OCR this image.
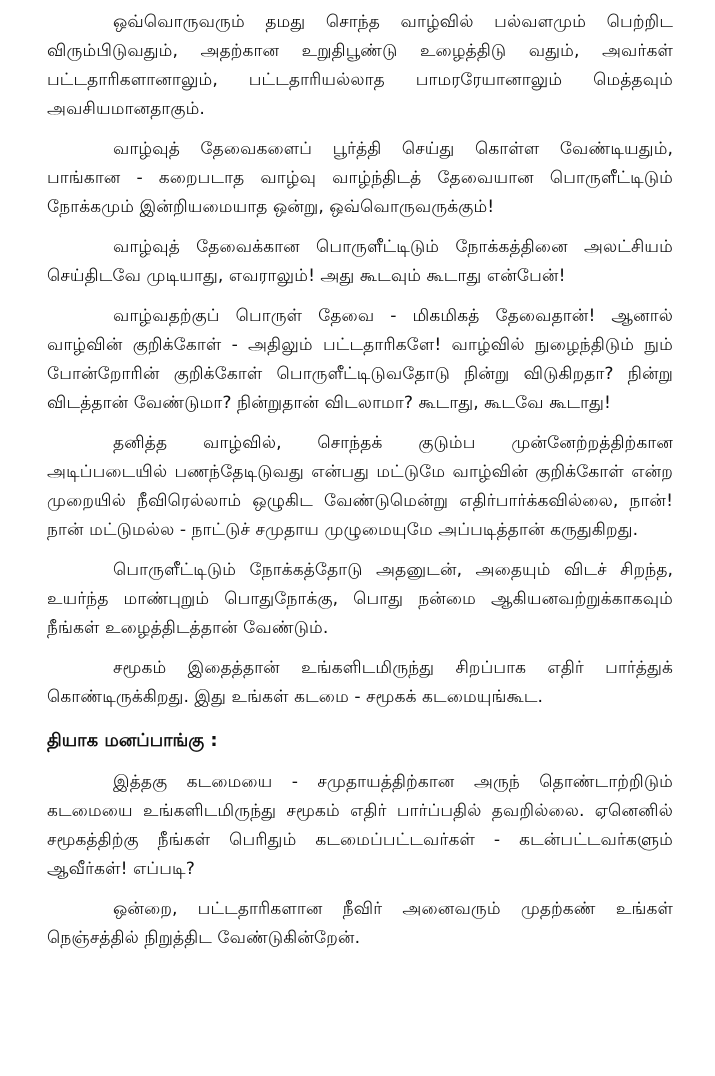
ஒவ்வொருவரும் தமது சொந்த வாழ்வில் பல்வளமும் பெற்றிட விரும்பிடுவதும், அதற்கான உறுதிபூண்டு உழைத்திடு வதும், அவர்கள் பட்டதாரிகளானாலும், பட்டதாரியல்லாத பாமரரேயானாலும் மெத்தவும் அவசியமானதாகும்.

வாழ்வுத் தேவைகளைப் பூர்த்தி செய்து கொள்ள வேண்டியதும், பாங்கான - கறைபடாத வாழ்வு வாழ்ந்திடத் தேவையான பொருளீட்டிடும் நோக்கமும் இன்றியமையாத ஒன்று, ஒவ்வொருவருக்கும்!

வாழ்வுத் தேவைக்கான பொருளீட்டிடும் நோக்கத்தினை அலட்சியம் செய்திடவே முடியாது, எவராலும்! அது கூடவும் கூடாது என்பேன்!

வாழ்வதற்குப் பொருள் தேவை - மிகமிகத் தேவைதான்! ஆனால் வாழ்வின் குறிக்கோள் - அதிலும் பட்டதாரிகளே! வாழ்வில் நுழைந்திடும் நும் போன்றோரின் குறிக்கோள் பொருளீட்டிடுவதோடு நின்று விடுகிறதா? நின்று விடத்தான் வேண்டுமா? நின்றுதான் விடலாமா? கூடாது, கூடவே கூடாது!

தனித்த வாழ்வில், சொந்தக் குடும்ப முன்னேற்றத்திற்கான அடிப்படையில் பணந்தேடிடுவது என்பது மட்டுமே வாழ்வின் குறிக்கோள் என்ற முறையில் நீவிரெல்லாம் ஒழுகிட வேண்டுமென்று எதிர்பார்க்கவில்லை, நான்! நான் மட்டுமல்ல - நாட்டுச் சமுதாய முழுமையுமே அப்படித்தான் கருதுகிறது.

பொருளீட்டிடும் நோக்கத்தோடு அதனுடன், அதையும் விடச் சிறந்த, உயர்ந்த மாண்புறும் பொதுநோக்கு, பொது நன்மை ஆகியனவற்றுக்காகவும் நீங்கள் உழைத்திடத்தான் வேண்டும்.

சமூகம் இதைத்தான் உங்களிடமிருந்து சிறப்பாக எதிர் பார்த்துக் கொண்டிருக்கிறது. இது உங்கள் கடமை - சமூகக் கடமையுங்கூட.

தியாக மனப்பாங்கு :

இத்தகு கடமையை - சமுதாயத்திற்கான அருந் தொண்டாற்றிடும் கடமையை உங்களிடமிருந்து சமூகம் எதிர் பார்ப்பதில் தவறில்லை. ஏனெனில் சமூகத்திற்கு நீங்கள் பெரிதும் கடமைப்பட்டவர்கள் - கடன்பட்டவர்களும் ஆவீர்கள்! எப்படி?

ஒன்றை, பட்டதாரிகளான நீவிர் அனைவரும் முதற்கண் உங்கள் நெஞ்சத்தில் நிறுத்திட வேண்டுகின்றேன்.
